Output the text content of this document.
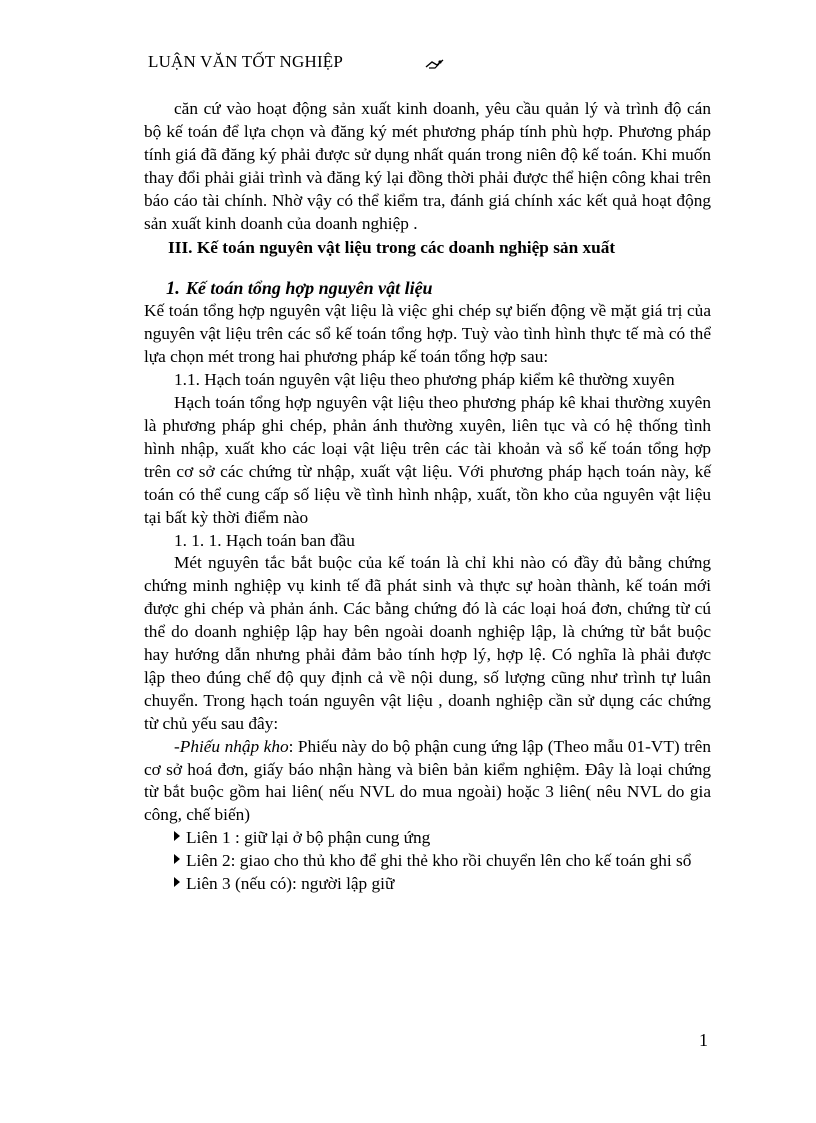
LUẬN VĂN TỐT NGHIỆP

căn cứ vào hoạt động sản xuất kinh doanh, yêu cầu quản lý và trình độ cán bộ kế toán để lựa chọn và đăng ký mét phương pháp tính phù hợp. Phương pháp tính giá đã đăng ký phải được sử dụng nhất quán trong niên độ kế toán. Khi muốn thay đổi phải giải trình và đăng ký lại đồng thời phải được thể hiện công khai trên báo cáo tài chính. Nhờ vậy có thể kiểm tra, đánh giá chính xác kết quả hoạt động sản xuất kinh doanh của doanh nghiệp .

III. Kế toán nguyên vật liệu trong các doanh nghiệp sản xuất

1. Kế toán tổng hợp nguyên vật liệu

Kế toán tổng hợp nguyên vật liệu là việc ghi chép sự biến động về mặt giá trị của nguyên vật liệu trên các sổ kế toán tổng hợp. Tuỳ vào tình hình thực tế mà có thể lựa chọn mét trong hai phương pháp kế toán tổng hợp sau:

1.1. Hạch toán nguyên vật liệu theo phương pháp kiểm kê thường xuyên

Hạch toán tổng hợp nguyên vật liệu theo phương pháp kê khai thường xuyên là phương pháp ghi chép, phản ánh thường xuyên, liên tục và có hệ thống tình hình nhập, xuất kho các loại vật liệu trên các tài khoản và sổ kế toán tổng hợp trên cơ sở các chứng từ nhập, xuất vật liệu. Với phương pháp hạch toán này, kế toán có thể cung cấp số liệu về tình hình nhập, xuất, tồn kho của nguyên vật liệu tại bất kỳ thời điểm nào

1. 1. 1. Hạch toán ban đầu

Mét nguyên tắc bắt buộc của kế toán là chỉ khi nào có đầy đủ bằng chứng chứng minh nghiệp vụ kinh tế đã phát sinh và thực sự hoàn thành, kế toán mới được ghi chép và phản ánh. Các bằng chứng đó là các loại hoá đơn, chứng từ cú thể do doanh nghiệp lập hay bên ngoài doanh nghiệp lập, là chứng từ bắt buộc hay hướng dẫn nhưng phải đảm bảo tính hợp lý, hợp lệ. Có nghĩa là phải được lập theo đúng chế độ quy định cả về nội dung, số lượng cũng như trình tự luân chuyển. Trong hạch toán nguyên vật liệu , doanh nghiệp cần sử dụng các chứng từ chủ yếu sau đây:

-Phiếu nhập kho: Phiếu này do bộ phận cung ứng lập (Theo mẫu 01-VT) trên cơ sở hoá đơn, giấy báo nhận hàng và biên bản kiểm nghiệm. Đây là loại chứng từ bắt buộc gồm hai liên( nếu NVL do mua ngoài) hoặc 3 liên( nêu NVL do gia công, chế biến)

Liên 1 : giữ lại ở bộ phận cung ứng

Liên 2: giao cho thủ kho để ghi thẻ kho rồi chuyển lên cho kế toán ghi sổ

Liên 3 (nếu có): người lập giữ

1
